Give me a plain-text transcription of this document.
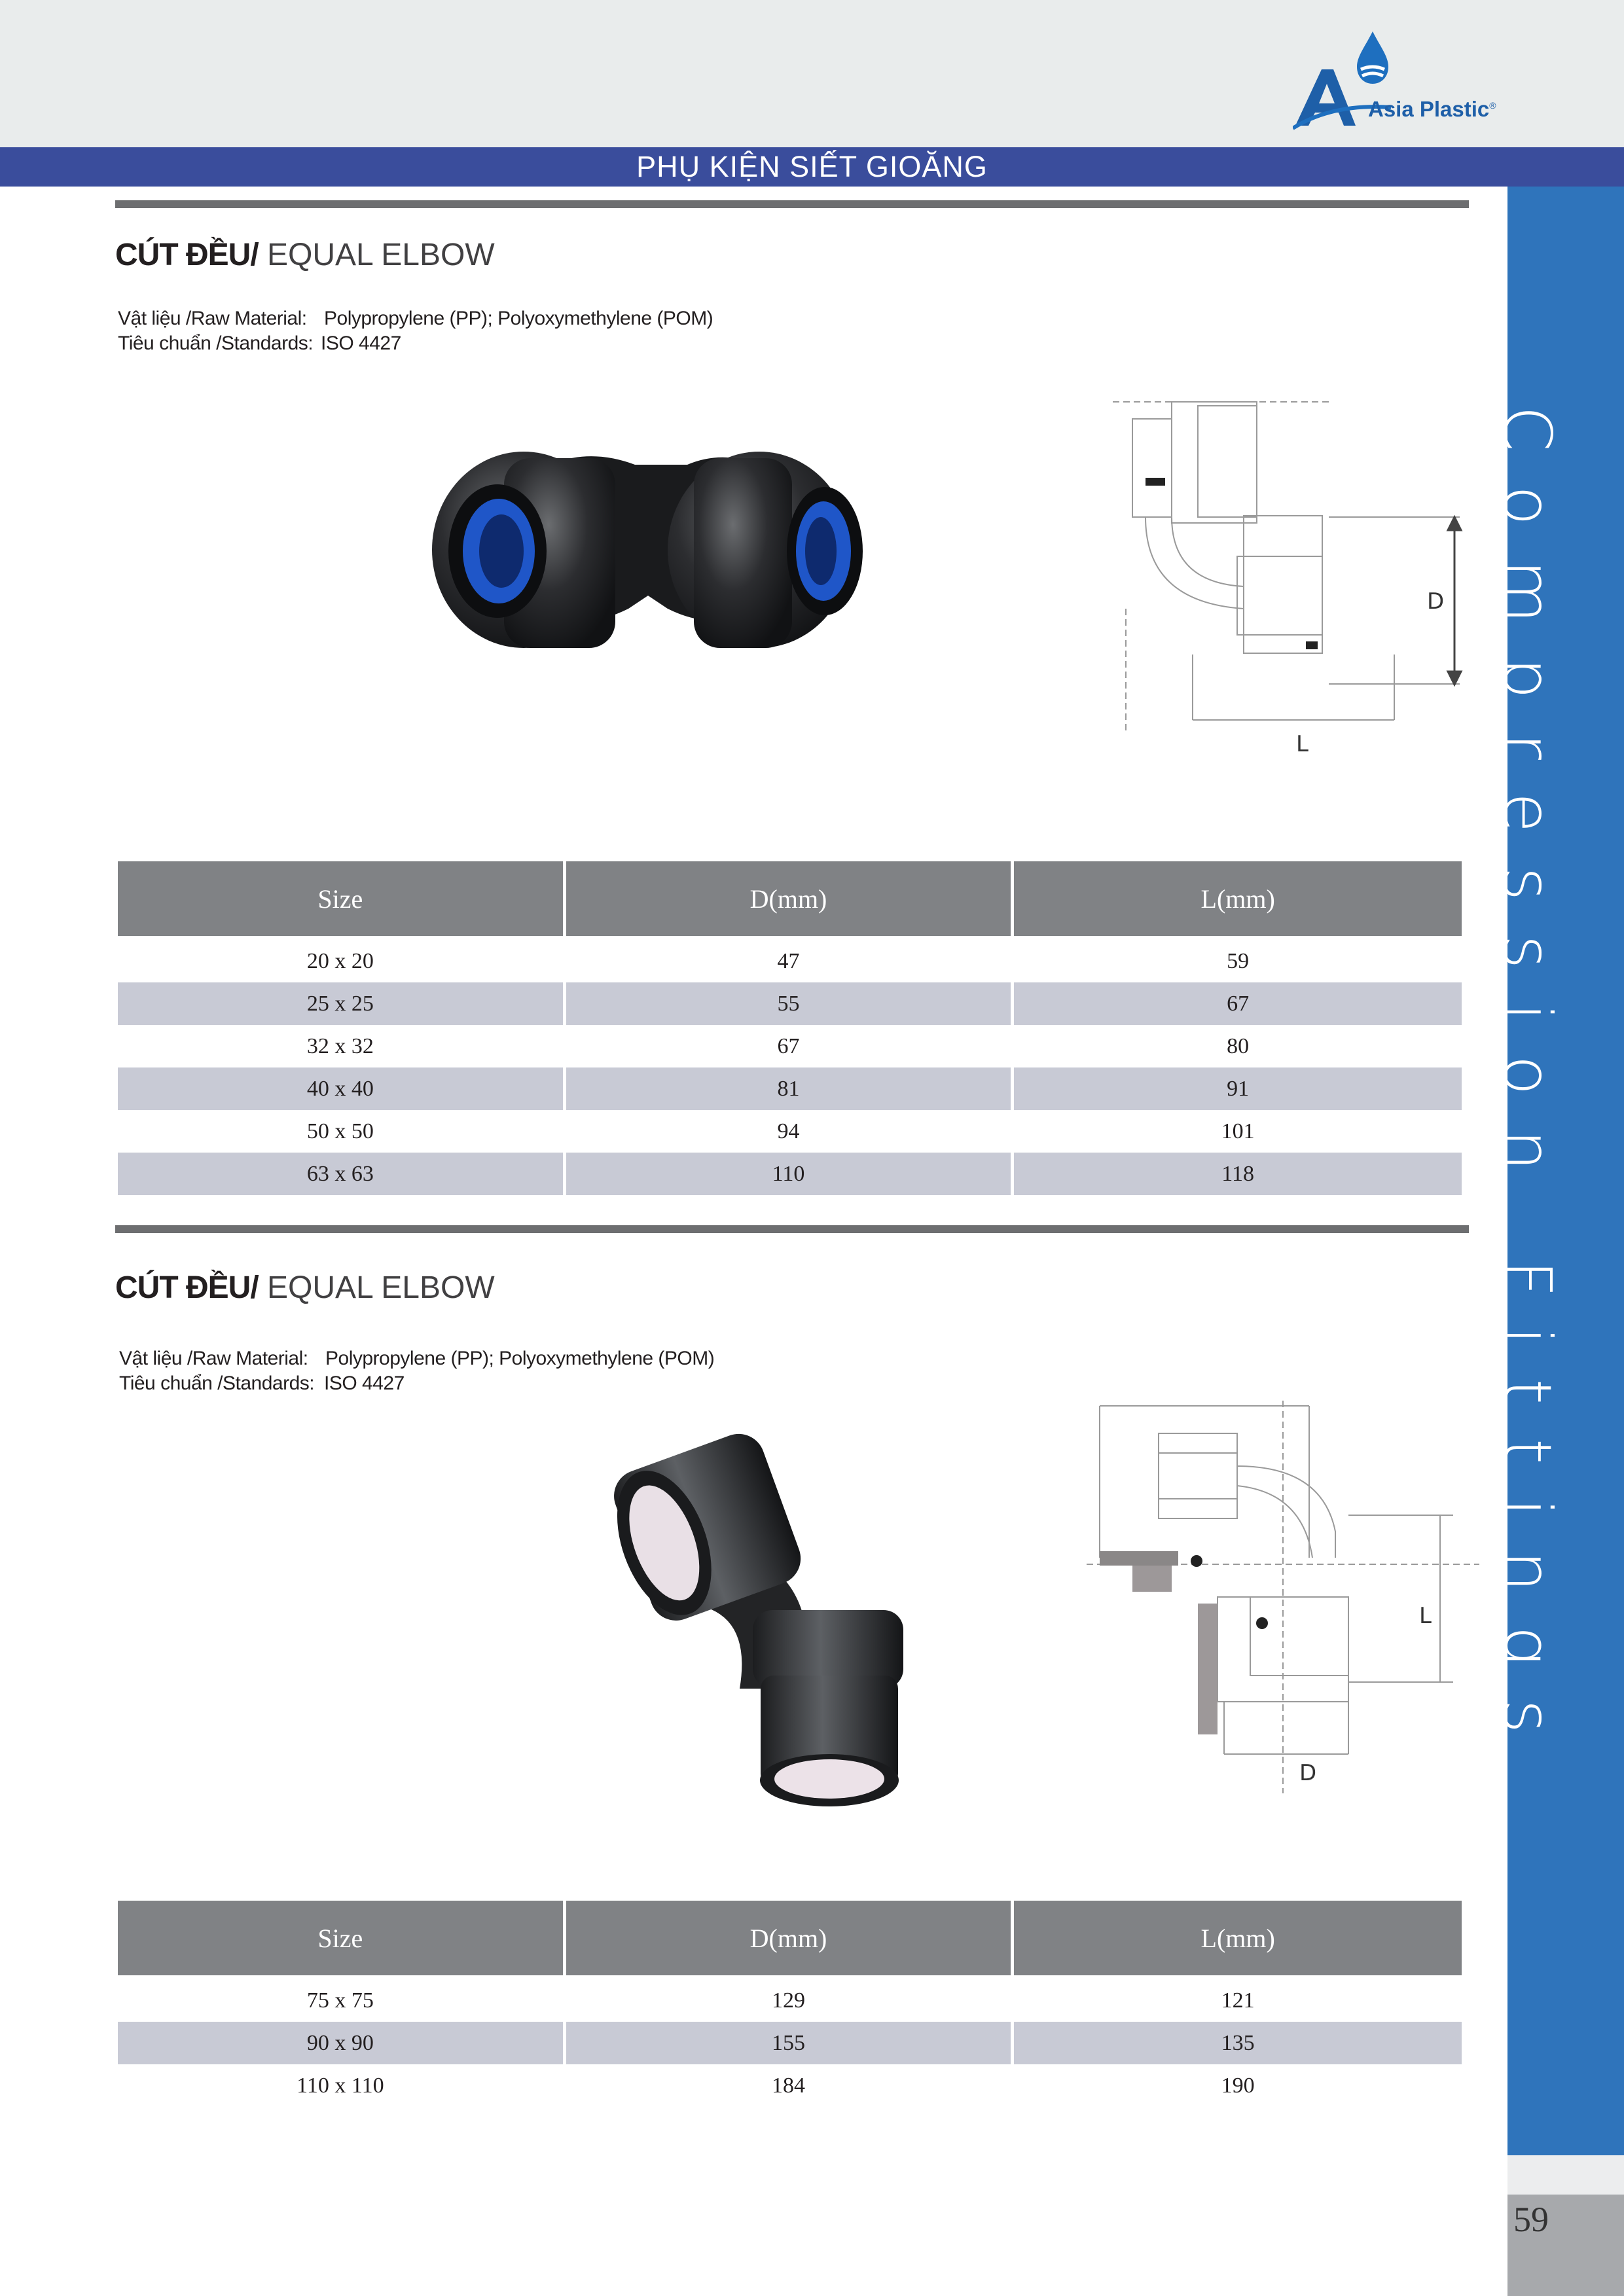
Asia Plastic®
PHỤ KIỆN SIẾT GIOĂNG
Compression Fittings
59
CÚT ĐỀU/ EQUAL ELBOW
Vật liệu /Raw Material: Polypropylene (PP); Polyoxymethylene (POM)
Tiêu chuẩn /Standards: ISO 4427
D
L
Size	D(mm)	L(mm)
20 x 20	47	59
25 x 25	55	67
32 x 32	67	80
40 x 40	81	91
50 x 50	94	101
63 x 63	110	118
CÚT ĐỀU/ EQUAL ELBOW
Vật liệu /Raw Material: Polypropylene (PP); Polyoxymethylene (POM)
Tiêu chuẩn /Standards: ISO 4427
L
D
Size	D(mm)	L(mm)
75 x 75	129	121
90 x 90	155	135
110 x 110	184	190
